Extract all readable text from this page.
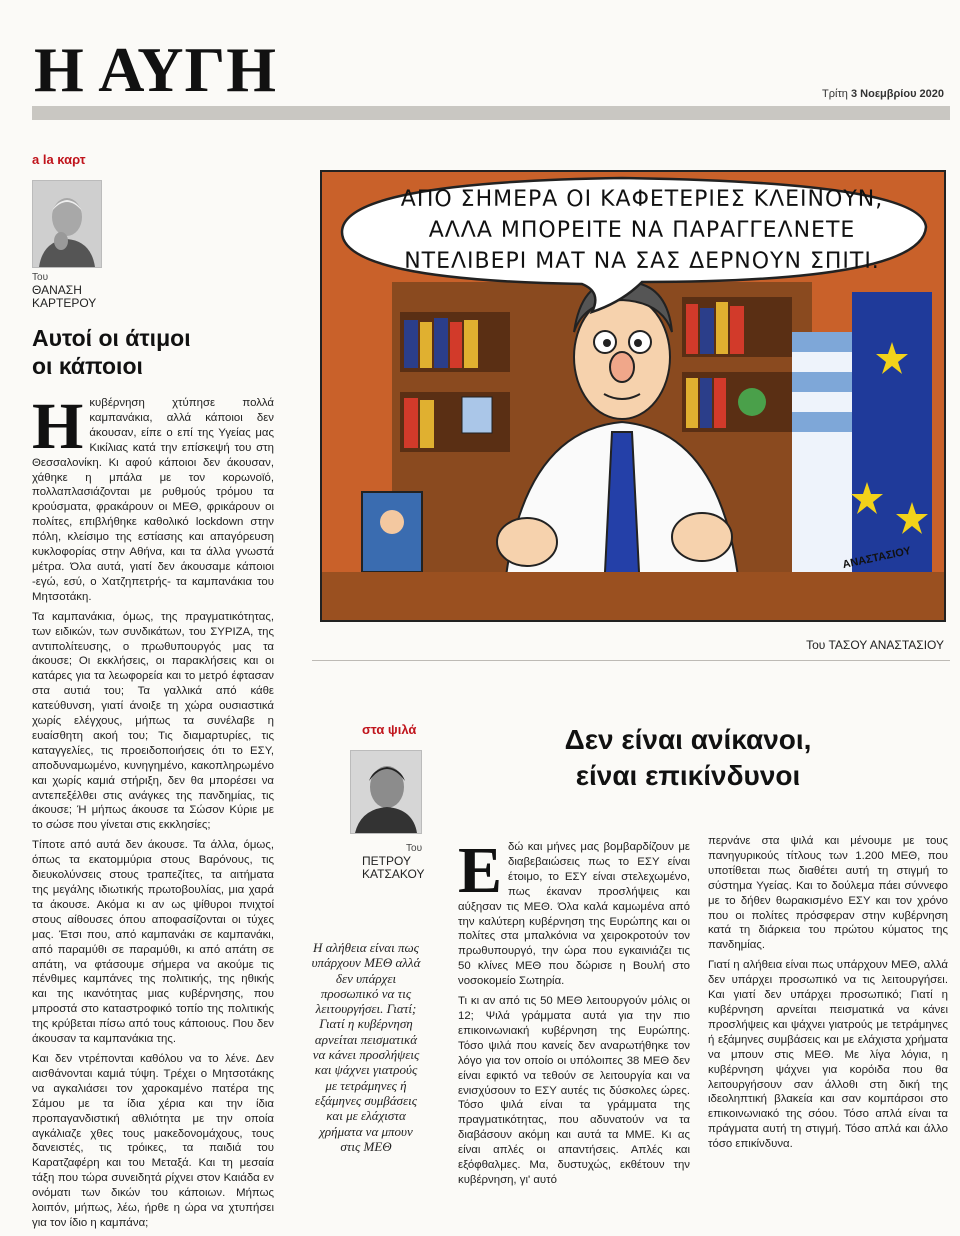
Η ΑΥΓΗ	Τρίτη 3 Νοεμβρίου 2020
a la καρτ
Του
ΘΑΝΑΣΗ
ΚΑΡΤΕΡΟΥ
Αυτοί οι άτιμοι
οι κάποιοι

Ηκυβέρνηση χτύπησε πολλά καμπανάκια, αλλά κάποιοι δεν άκουσαν, είπε ο επί της Υγείας μας Κικίλιας κατά την επίσκεψή του στη Θεσσαλονίκη. Κι αφού κάποιοι δεν άκουσαν, χάθηκε η μπάλα με τον κορωνοϊό, πολλαπλασιάζονται με ρυθμούς τρόμου τα κρούσματα, φρακάρουν οι ΜΕΘ, φρικάρουν οι πολίτες, επιβλήθηκε καθολικό lockdown στην πόλη, κλείσιμο της εστίασης και απαγόρευση κυκλοφορίας στην Αθήνα, και τα άλλα γνωστά μέτρα. Όλα αυτά, γιατί δεν άκουσαμε κάποιοι -εγώ, εσύ, ο Χατζηπετρής- τα καμπανάκια του Μητσοτάκη.

Τα καμπανάκια, όμως, της πραγματικότητας, των ειδικών, των συνδικάτων, του ΣΥΡΙΖΑ, της αντιπολίτευσης, ο πρωθυπουργός μας τα άκουσε; Οι εκκλήσεις, οι παρακλήσεις και οι κατάρες για τα λεωφορεία και το μετρό έφτασαν στα αυτιά του; Τα γαλλικά από κάθε κατεύθυνση, γιατί άνοιξε τη χώρα ουσιαστικά χωρίς ελέγχους, μήπως τα συνέλαβε η ευαίσθητη ακοή του; Τις διαμαρτυρίες, τις καταγγελίες, τις προειδοποιήσεις ότι το ΕΣΥ, αποδυναμωμένο, κυνηγημένο, κακοπληρωμένο και χωρίς καμιά στήριξη, δεν θα μπορέσει να αντεπεξέλθει στις ανάγκες της πανδημίας, τις άκουσε; Ή μήπως άκουσε τα Σώσον Κύριε με το σώσε που γίνεται στις εκκλησίες;

Τίποτε από αυτά δεν άκουσε. Τα άλλα, όμως, όπως τα εκατομμύρια στους Βαρόνους, τις διευκολύνσεις στους τραπεζίτες, τα αιτήματα της μεγάλης ιδιωτικής πρωτοβουλίας, μια χαρά τα άκουσε. Ακόμα κι αν ως ψίθυροι πνιχτοί στους αίθουσες όπου αποφασίζονται οι τύχες μας. Έτσι που, από καμπανάκι σε καμπανάκι, από παραμύθι σε παραμύθι, κι από απάτη σε απάτη, να φτάσουμε σήμερα να ακούμε τις πένθιμες καμπάνες της πολιτικής, της ηθικής και της ικανότητας μιας κυβέρνησης, που μπροστά στο καταστροφικό τοπίο της πολιτικής της κρύβεται πίσω από τους κάποιους. Που δεν άκουσαν τα καμπανάκια της.

Και δεν ντρέπονται καθόλου να το λένε. Δεν αισθάνονται καμιά τύψη. Τρέχει ο Μητσοτάκης να αγκαλιάσει τον χαροκαμένο πατέρα της Σάμου με τα ίδια χέρια και την ίδια προπαγανδιστική αθλιότητα με την οποία αγκάλιαζε χθες τους μακεδονομάχους, τους δανειστές, τις τρόικες, τα παιδιά του Καρατζαφέρη και του Μεταξά. Και τη μεσαία τάξη που τώρα συνειδητά ρίχνει στον Καιάδα εν ονόματι των δικών του κάποιων. Μήπως λοιπόν, μήπως, λέω, ήρθε η ώρα να χτυπήσει για τον ίδιο η καμπάνα;

ΑΠΟ ΣΗΜΕΡΑ ΟΙ ΚΑΦΕΤΕΡΙΕΣ ΚΛΕΙΝΟΥΝ,
ΑΛΛΑ ΜΠΟΡΕΙΤΕ ΝΑ ΠΑΡΑΓΓΕΛΝΕΤΕ
ΝΤΕΛΙΒΕΡΙ ΜΑΤ ΝΑ ΣΑΣ ΔΕΡΝΟΥΝ ΣΠΙΤΙ.
ΑΝΑΣΤΑΣΙΟΥ
Του ΤΑΣΟΥ ΑΝΑΣΤΑΣΙΟΥ
στα ψιλά
Του
ΠΕΤΡΟΥ
ΚΑΤΣΑΚΟΥ
Δεν είναι ανίκανοι,
είναι επικίνδυνοι
Η αλήθεια είναι πως υπάρχουν ΜΕΘ αλλά δεν υπάρχει προσωπικό να τις λειτουργήσει. Γιατί; Γιατί η κυβέρνηση αρνείται πεισματικά να κάνει προσλήψεις και ψάχνει γιατρούς με τετράμηνες ή εξάμηνες συμβάσεις και με ελάχιστα χρήματα να μπουν στις ΜΕΘ

Εδώ και μήνες μας βομβαρδίζουν με διαβεβαιώσεις πως το ΕΣΥ είναι έτοιμο, το ΕΣΥ είναι στελεχωμένο, πως έκαναν προσλήψεις και αύξησαν τις ΜΕΘ. Όλα καλά καμωμένα από την καλύτερη κυβέρνηση της Ευρώπης και οι πολίτες στα μπαλκόνια να χειροκροτούν τον πρωθυπουργό, την ώρα που εγκαινιάζει τις 50 κλίνες ΜΕΘ που δώρισε η Βουλή στο νοσοκομείο Σωτηρία.

Τι κι αν από τις 50 ΜΕΘ λειτουργούν μόλις οι 12; Ψιλά γράμματα αυτά για την πιο επικοινωνιακή κυβέρνηση της Ευρώπης. Τόσο ψιλά που κανείς δεν αναρωτήθηκε τον λόγο για τον οποίο οι υπόλοιπες 38 ΜΕΘ δεν είναι εφικτό να τεθούν σε λειτουργία και να ενισχύσουν το ΕΣΥ αυτές τις δύσκολες ώρες. Τόσο ψιλά είναι τα γράμματα της πραγματικότητας, που αδυνατούν να τα διαβάσουν ακόμη και αυτά τα ΜΜΕ. Κι ας είναι απλές οι απαντήσεις. Απλές και εξόφθαλμες. Μα, δυστυχώς, εκθέτουν την κυβέρνηση, γι' αυτό

περνάνε στα ψιλά και μένουμε με τους πανηγυρικούς τίτλους των 1.200 ΜΕΘ, που υποτίθεται πως διαθέτει αυτή τη στιγμή το σύστημα Υγείας. Και το δούλεμα πάει σύννεφο με το δήθεν θωρακισμένο ΕΣΥ και τον χρόνο που οι πολίτες πρόσφεραν στην κυβέρνηση κατά τη διάρκεια του πρώτου κύματος της πανδημίας.

Γιατί η αλήθεια είναι πως υπάρχουν ΜΕΘ, αλλά δεν υπάρχει προσωπικό να τις λειτουργήσει. Και γιατί δεν υπάρχει προσωπικό; Γιατί η κυβέρνηση αρνείται πεισματικά να κάνει προσλήψεις και ψάχνει γιατρούς με τετράμηνες ή εξάμηνες συμβάσεις και με ελάχιστα χρήματα να μπουν στις ΜΕΘ. Με λίγα λόγια, η κυβέρνηση ψάχνει για κορόιδα που θα λειτουργήσουν σαν άλλοθι στη δική της ιδεοληπτική βλακεία και σαν κομπάρσοι στο επικοινωνιακό της σόου. Τόσο απλά είναι τα πράγματα αυτή τη στιγμή. Τόσο απλά και άλλο τόσο επικίνδυνα.
